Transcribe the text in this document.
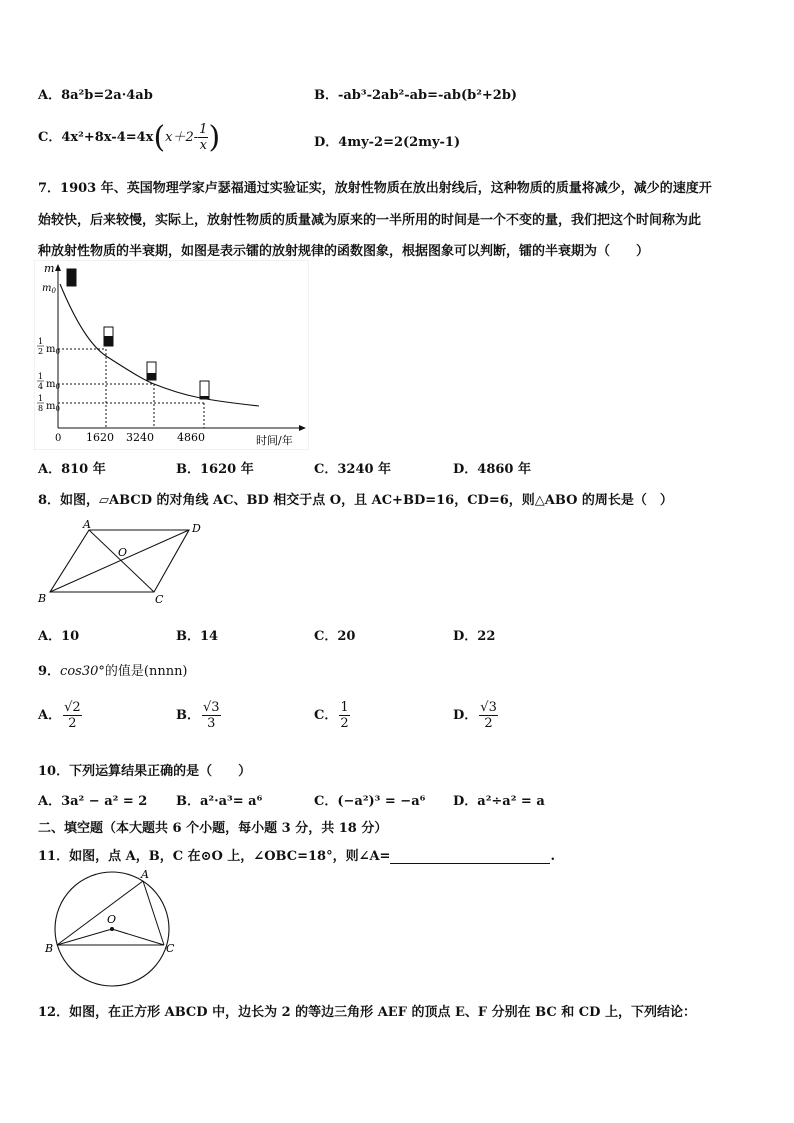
A．8a²b=2a·4ab	B．-ab³-2ab²-ab=-ab(b²+2b)
C．$4x^2+8x-4=4x(x+2- \frac{1}{x}$ )	D．4my-2=2(2my-1)
7．1903 年、英国物理学家卢瑟福通过实验证实，放射性物质在放出射线后，这种物质的质量将减少，减少的速度开
始较快，后来较慢，实际上，放射性物质的质量减为原来的一半所用的时间是一个不变的量，我们把这个时间称为此
种放射性物质的半衰期，如图是表示镭的放射规律的函数图象，根据图象可以判断，镭的半衰期为（　　）
m
$m_0$
1
2 $m_0$
1
4 $m_0$
1
8 $m_0$
0 1620 3240 4860	时间/年
A．810 年	B．1620 年	C．3240 年	D．4860 年
8．如图，▱ABCD 的对角线 AC、BD 相交于点 O，且 AC+BD=16，CD=6，则△ABO 的周长是（　）
A	D
B	C
O
A．10	B．14	C．20	D．22
9．cos30°的值是(nnnn)
A． $\frac{√2}{2}$	B． $\frac{√3}{3}$	C． $\frac{1}{2}$	D． $\frac{√3}{2}$
10．下列运算结果正确的是（　　）
A．3a² − a² = 2 B．a²·a³= a⁶	C．(−a²)³ = −a⁶ D．a²÷a² = a
二、填空题（本大题共 6 个小题，每小题 3 分，共 18 分）
11．如图，点 A，B，C 在⊙O 上，∠OBC=18°，则∠A=	.
A
B	C
O
12．如图，在正方形 ABCD 中，边长为 2 的等边三角形 AEF 的顶点 E、F 分别在 BC 和 CD 上，下列结论：
